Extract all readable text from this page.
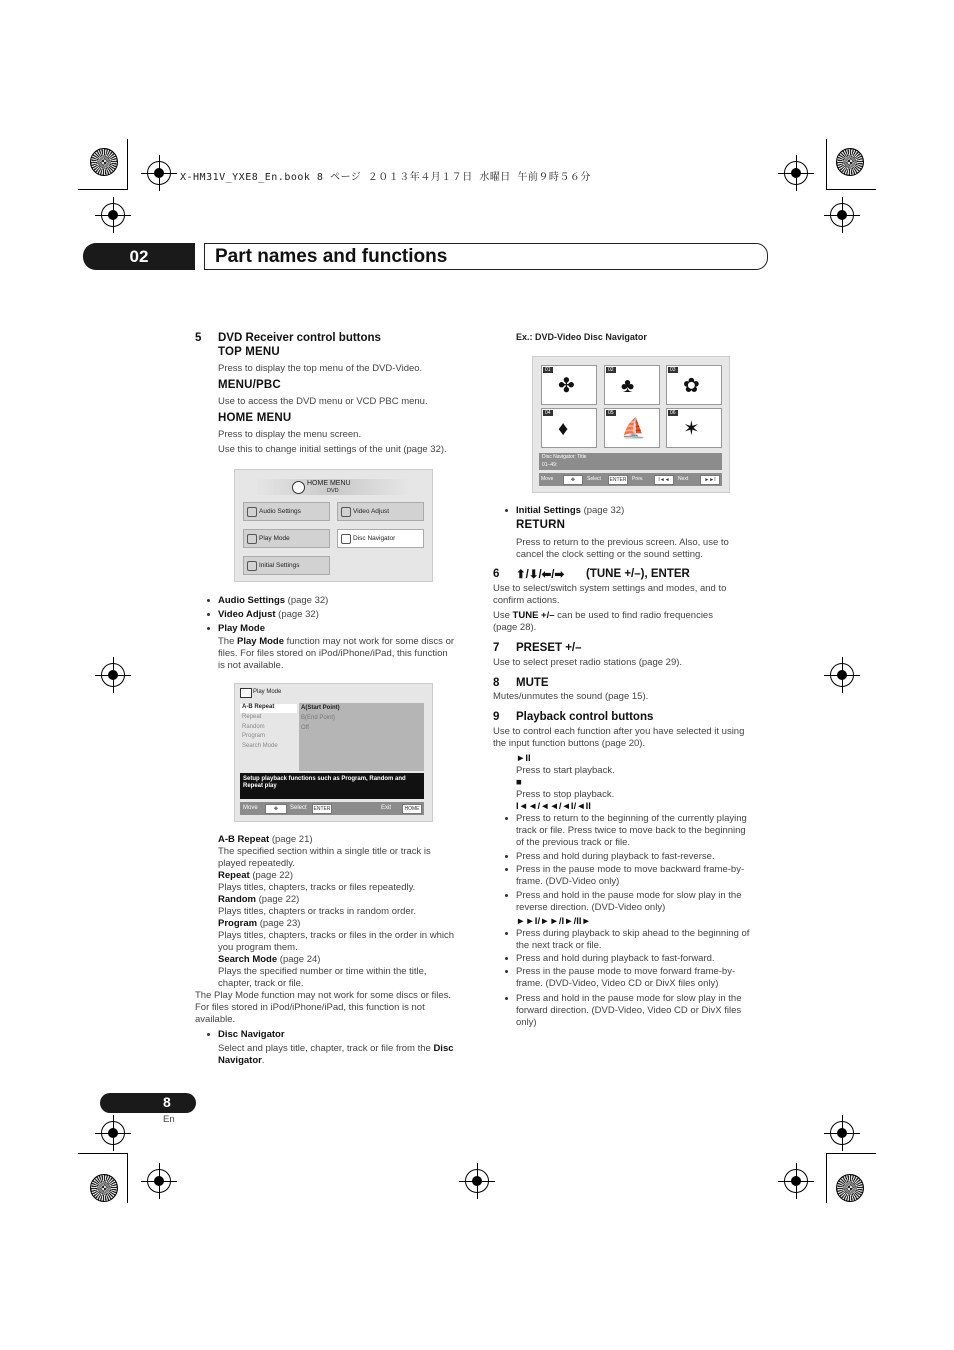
X-HM31V_YXE8_En.book 8 ページ ２０１３年４月１７日 水曜日 午前９時５６分
02	Part names and functions
5 DVD Receiver control buttons
TOP MENU
Press to display the top menu of the DVD-Video.
MENU/PBC
Use to access the DVD menu or VCD PBC menu.
HOME MENU
Press to display the menu screen.
Use this to change initial settings of the unit (page 32).
HOME MENU
DVD
Audio Settings	Video Adjust
Play Mode	Disc Navigator
Initial Settings
Audio Settings (page 32)
Video Adjust (page 32)
Play Mode
The Play Mode function may not work for some discs or
files. For files stored on iPod/iPhone/iPad, this function
is not available.
Play Mode
A-B Repeat
Repeat
Random
Program
Search Mode
A(Start Point)
B(End Point)
Off
Setup playback functions such as Program, Random and Repeat play
Move	✥	Select	ENTER	Exit	HOME
A-B Repeat (page 21)
The specified section within a single title or track is
played repeatedly.
Repeat (page 22)
Plays titles, chapters, tracks or files repeatedly.
Random (page 22)
Plays titles, chapters or tracks in random order.
Program (page 23)
Plays titles, chapters, tracks or files in the order in which
you program them.
Search Mode (page 24)
Plays the specified number or time within the title,
chapter, track or file.
The Play Mode function may not work for some discs or files.
For files stored in iPod/iPhone/iPad, this function is not
available.
Disc Navigator
Select and plays title, chapter, track or file from the Disc
Navigator.
8
En
Ex.: DVD-Video Disc Navigator
01
✤
02
♣
03
✿
04
♦
05
⛵
06
✶
Disc Navigator: Title
01–49:
Move	✥	Select	ENTER	Prev.	I◄◄	Next	►►I
Initial Settings (page 32)
RETURN
Press to return to the previous screen. Also, use to
cancel the clock setting or the sound setting.
6 ⬆/⬇/⬅/➡ (TUNE +/–), ENTER
Use to select/switch system settings and modes, and to
confirm actions.
Use TUNE +/– can be used to find radio frequencies
(page 28).
7 PRESET +/–
Use to select preset radio stations (page 29).
8 MUTE
Mutes/unmutes the sound (page 15).
9 Playback control buttons
Use to control each function after you have selected it using
the input function buttons (page 20).
►II
Press to start playback.
■
Press to stop playback.
I◄◄/◄◄/◄I/◄II
Press to return to the beginning of the currently playing
track or file. Press twice to move back to the beginning
of the previous track or file.
Press and hold during playback to fast-reverse.
Press in the pause mode to move backward frame-by-
frame. (DVD-Video only)
Press and hold in the pause mode for slow play in the
reverse direction. (DVD-Video only)
►►I/►►/I►/II►
Press during playback to skip ahead to the beginning of
the next track or file.
Press and hold during playback to fast-forward.
Press in the pause mode to move forward frame-by-
frame. (DVD-Video, Video CD or DivX files only)
Press and hold in the pause mode for slow play in the
forward direction. (DVD-Video, Video CD or DivX files
only)
